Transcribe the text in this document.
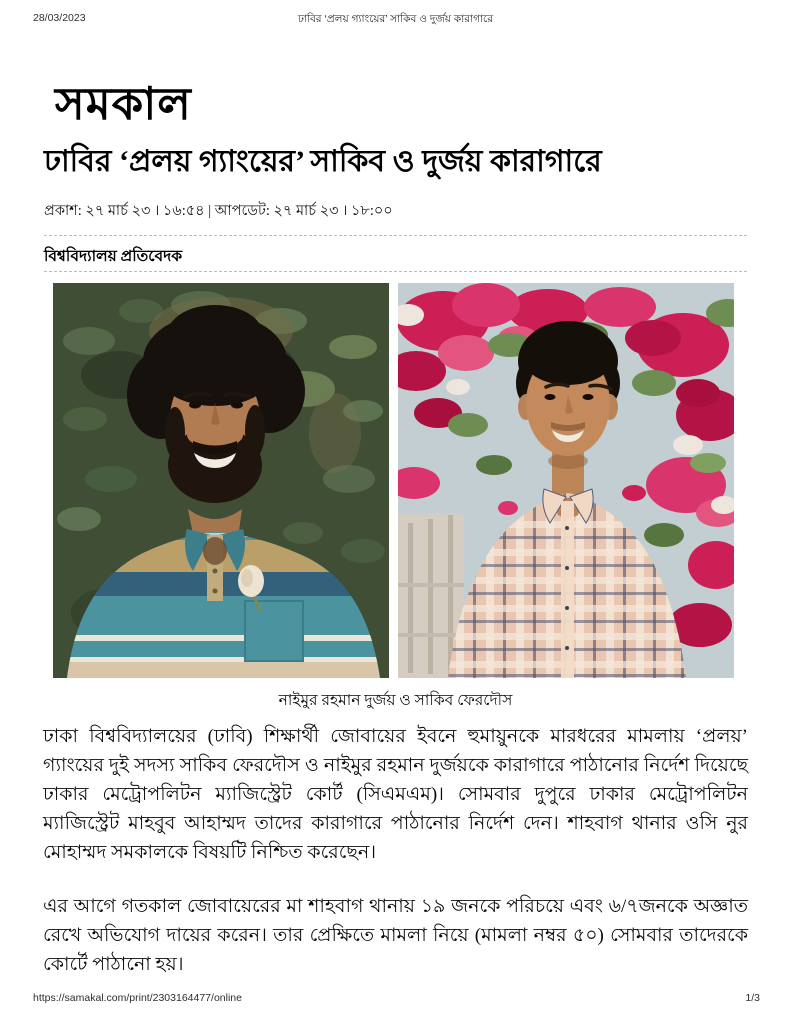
28/03/2023	ঢাবির ‘প্রলয় গ্যাংয়ের’ সাকিব ও দুর্জয় কারাগারে
সমকাল
ঢাবির ‘প্রলয় গ্যাংয়ের’ সাকিব ও দুর্জয় কারাগারে
প্রকাশ: ২৭ মার্চ ২৩ । ১৬:৫৪ | আপডেট: ২৭ মার্চ ২৩ । ১৮:০০
বিশ্ববিদ্যালয় প্রতিবেদক
নাইমুর রহমান দুর্জয় ও সাকিব ফেরদৌস

ঢাকা বিশ্ববিদ্যালয়ের (ঢাবি) শিক্ষার্থী জোবায়ের ইবনে হুমায়ুনকে মারধরের মামলায় ‘প্রলয়’ গ্যাংয়ের দুই সদস্য সাকিব ফেরদৌস ও নাইমুর রহমান দুর্জয়কে কারাগারে পাঠানোর নির্দেশ দিয়েছে ঢাকার মেট্রোপলিটন ম্যাজিস্ট্রেট কোর্ট (সিএমএম)। সোমবার দুপুরে ঢাকার মেট্রোপলিটন ম্যাজিস্ট্রেট মাহবুব আহাম্মদ তাদের কারাগারে পাঠানোর নির্দেশ দেন। শাহবাগ থানার ওসি নুর মোহাম্মদ সমকালকে বিষয়টি নিশ্চিত করেছেন।

এর আগে গতকাল জোবায়েরের মা শাহবাগ থানায় ১৯ জনকে পরিচয়ে এবং ৬/৭জনকে অজ্ঞাত রেখে অভিযোগ দায়ের করেন। তার প্রেক্ষিতে মামলা নিয়ে (মামলা নম্বর ৫০) সোমবার তাদেরকে কোর্টে পাঠানো হয়।

https://samakal.com/print/2303164477/online	1/3
